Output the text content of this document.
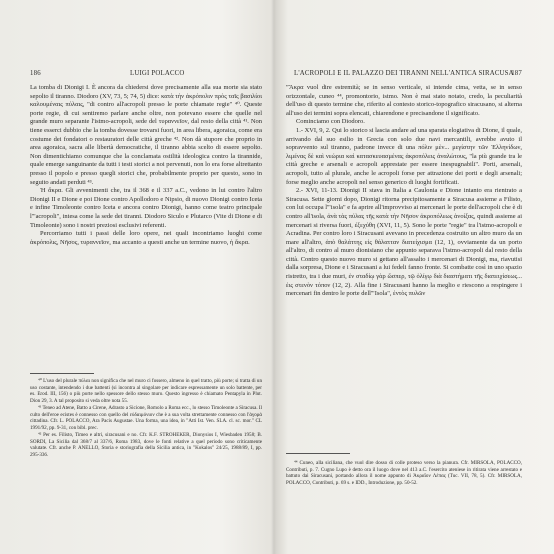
186	LUIGI POLACCO

La tomba di Dionigi I. È ancora da chiedersi dove precisamente alla sua morte sia stato sepolto il tiranno. Diodoro (XV, 73, 5; 74, 5) dice: κατὰ τὴν ἀκρόπολιν πρὸς ταῖς βασιλίοι καλουμέναις πύλαις, "di contro all'acropoli presso le porte chiamate regie" ⁴⁰. Queste porte regie, di cui sentiremo parlare anche oltre, non potevano essere che quelle nel grande muro separante l'istmo-acropoli, sede del τυραννεῖον, dal resto della città ⁴¹. Non tiene esserci dubbio che la tomba dovesse trovarsi fuori, in area libera, agoraica, come era costume dei fondatori o restauratori delle città greche ⁴². Non dà stupore che proprio in area agoraica, sacra alle libertà democratiche, il tiranno abbia scelto di essere sepolto. Non dimentichiamo comunque che la conclamata ostilità ideologica contro la tirannide, quale emerge sanguinante da tutti i testi storici a noi pervenuti, non lo era forse altrettanto presso il popolo e presso quegli storici che, probabilmente proprio per questo, sono in seguito andati perduti ⁴³.

Ἡ ἄκρα. Gli avvenimenti che, tra il 368 e il 337 a.C., vedono in lui contro l'altro Dionigi II e Dione e poi Dione contro Apollodoro e Nipsio, di nuovo Dionigi contro Iceta e infine Timoleonte contro Iceta e ancora contro Dionigi, hanno come teatro principale l'"acropoli", intesa come la sede dei tiranni. Diodoro Siculo e Plutarco (Vite di Dione e di Timoleonte) sono i nostri preziosi esclusivi referenti.

Percorriamo tutti i passi delle loro opere, nei quali incontriamo luoghi come ἀκρόπολις, Νῆσος, τυραννεῖον, ma accanto a questi anche un termine nuovo, ἡ ἄκρα.

⁴⁰ L'uso del plurale πύλαι non significa che nel muro ci fossero, almeno in quel tratto, più porte; si tratta di un uso costante, intendendo i due battenti (si incontra al singolare per indicare espressamente un solo battente, per es. Erod. III, 156) o più porte nello spessore dello stesso muro. Questo ingresso è chiamato Pentapyla in Plut. Dion 29, 3. A tal proposito si veda oltre nota 55.

⁴¹ Teneo ad Atene, Batto a Cirene, Adrasto a Sicione, Romolo a Roma ecc., lo stesso Timoleonte a Siracusa. Il culto dell'eroe ecistes è connesso con quello del εὐδαιμόνιον che è a sua volta strettamente connesso con l'ἀγορά cittadina. Cfr. L. POLACCO, Ara Pacis Augustae. Una forma, una idea, in "Atti Ist. Ven. SLA. cl. sc. mor." CL 1991/92, pp. 9-31, con bibl. prec.

⁴² Per es. Filisto, Timeo e altri, siracusani e no. Cfr. K.F. STROHEKER, Dionysios I, Wiesbaden 1958; B. SORDI, La Sicilia dal 368/7 al 337/6, Roma 1983, dove le fonti relative a quel periodo sono criticamente valutate. Cfr. anche P. ANELLO, Storia e storiografia della Sicilia antica, in "Kokalos" 24/25, 1988/89, I, pp. 295-336.

L'ACROPOLI E IL PALAZZO DEI TIRANNI NELL'ANTICA SIRACUSA
187

"Ἄκρα vuol dire estremità; se in senso verticale, si intende cima, vetta, se in senso orizzontale, cuneo ⁴⁴, promontorio, istmo. Non è mai stato notato, credo, la peculiarità dell'uso di questo termine che, riferito al contesto storico-topografico siracusano, si alterna all'uso dei termini sopra elencati, chiarendone e precisandone il significato.

Cominciamo con Diodoro.

1.- XVI, 9, 2. Qui lo storico si lascia andare ad una sparata elogiativa di Dione, il quale, arrivando dal suo esilio in Grecia con solo due navi mercantili, avrebbe avuto il sopravvento sul tiranno, padrone invece di una πόλιν μὲν... μεγίστην τῶν Ἑλληνίδων, λιμένας δὲ καὶ νεώρια καὶ κατασκευασμένας ἀκροπόλεις ἀναλώτους, "la più grande tra le città greche e arsenali e acropoli apprestate per essere inespugnabili". Porti, arsenali, acropoli, tutto al plurale, anche le acropoli forse per attrazione dei porti e degli arsenali; forse meglio anche acropoli nel senso generico di luoghi fortificati.

2.- XVI, 11-13. Dionigi II stava in Italia a Caulonia e Dione intanto era rientrato a Siracusa. Sette giorni dopo, Dionigi ritorna precipitosamente a Siracusa assieme a Filisto, con lui occupa l'"isola" e fa aprire all'improvviso ai mercenari le porte dell'acropoli che è di contro all'isola, ἀνὰ τὰς πύλας τῆς κατὰ τὴν Νῆσον ἀκροπόλεως ἀνοίξας, quindi assieme ai mercenari si riversa fuori, ἐξεχύθη (XVI, 11, 5). Sono le porte "regie" tra l'istmo-acropoli e Acradina. Per contro loro i Siracusani avevano in precedenza costruito un altro muro da un mare all'altro, ἀπὸ θαλάττης εἰς θάλατταν διατείχισμα (12, 1), ovviamente da un porto all'altro, di contro al muro dionisiano che appunto separava l'istmo-acropoli dal resto della città. Contro questo nuovo muro si gettano all'assalto i mercenari di Dionigi, ma, riavutisi dalla sorpresa, Dione e i Siracusani a lui fedeli fanno fronte. Si combatte così in uno spazio ristretto, tra i due muri, ἐν σταδίῳ γὰρ ὥσπερ, τῷ ὀλίγῳ διὰ διαστήματι τῆς διατειχίσεως... ἐις στενὸν τόπον (12, 2). Alla fine i Siracusani hanno la meglio e riescono a respingere i mercenari fin dentro le porte dell'"Isola", ἐντὸς πυλῶν

⁴⁴ Cuneo, alla siciliana, che vuol dire dosso di colle proteso verso la pianura. Cfr. MIRSOLA, POLACCO, Contributi, p. 7. Cugno Lupo è detto ora il luogo dove nel 413 a.C. l'esercito ateniese in ritirata viene arrestato e battuto dai Siracusani, portando allora il nome appunto di Ἀκραῖον Λέπας (Tuc. VII, 78, 5). Cfr. MIRSOLA, POLACCO, Contributi, p. 69 s. e IDD., Introduzione, pp. 50-52.
